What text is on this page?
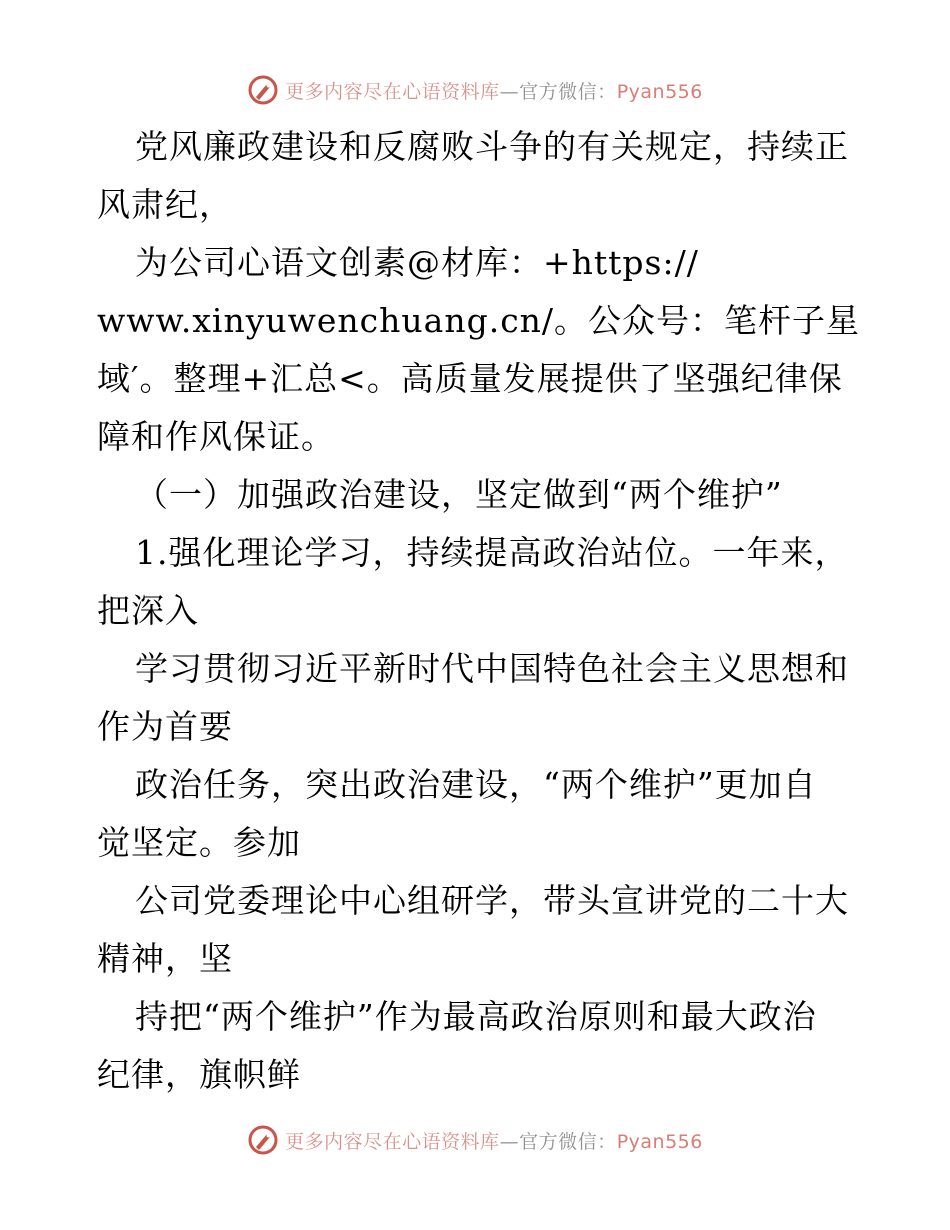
更多内容尽在心语资料库—官方微信：Pyan556
党风廉政建设和反腐败斗争的有关规定，持续正
风肃纪，
为公司心语文创素@材库：+https://
www.xinyuwenchuang.cn/。公众号：笔杆子星
域′。整理+汇总<。高质量发展提供了坚强纪律保
障和作风保证。
（一）加强政治建设，坚定做到“两个维护”
1.强化理论学习，持续提高政治站位。一年来，
把深入
学习贯彻习近平新时代中国特色社会主义思想和
作为首要
政治任务，突出政治建设，“两个维护”更加自
觉坚定。参加
公司党委理论中心组研学，带头宣讲党的二十大
精神，坚
持把“两个维护”作为最高政治原则和最大政治
纪律，旗帜鲜
更多内容尽在心语资料库—官方微信：Pyan556
